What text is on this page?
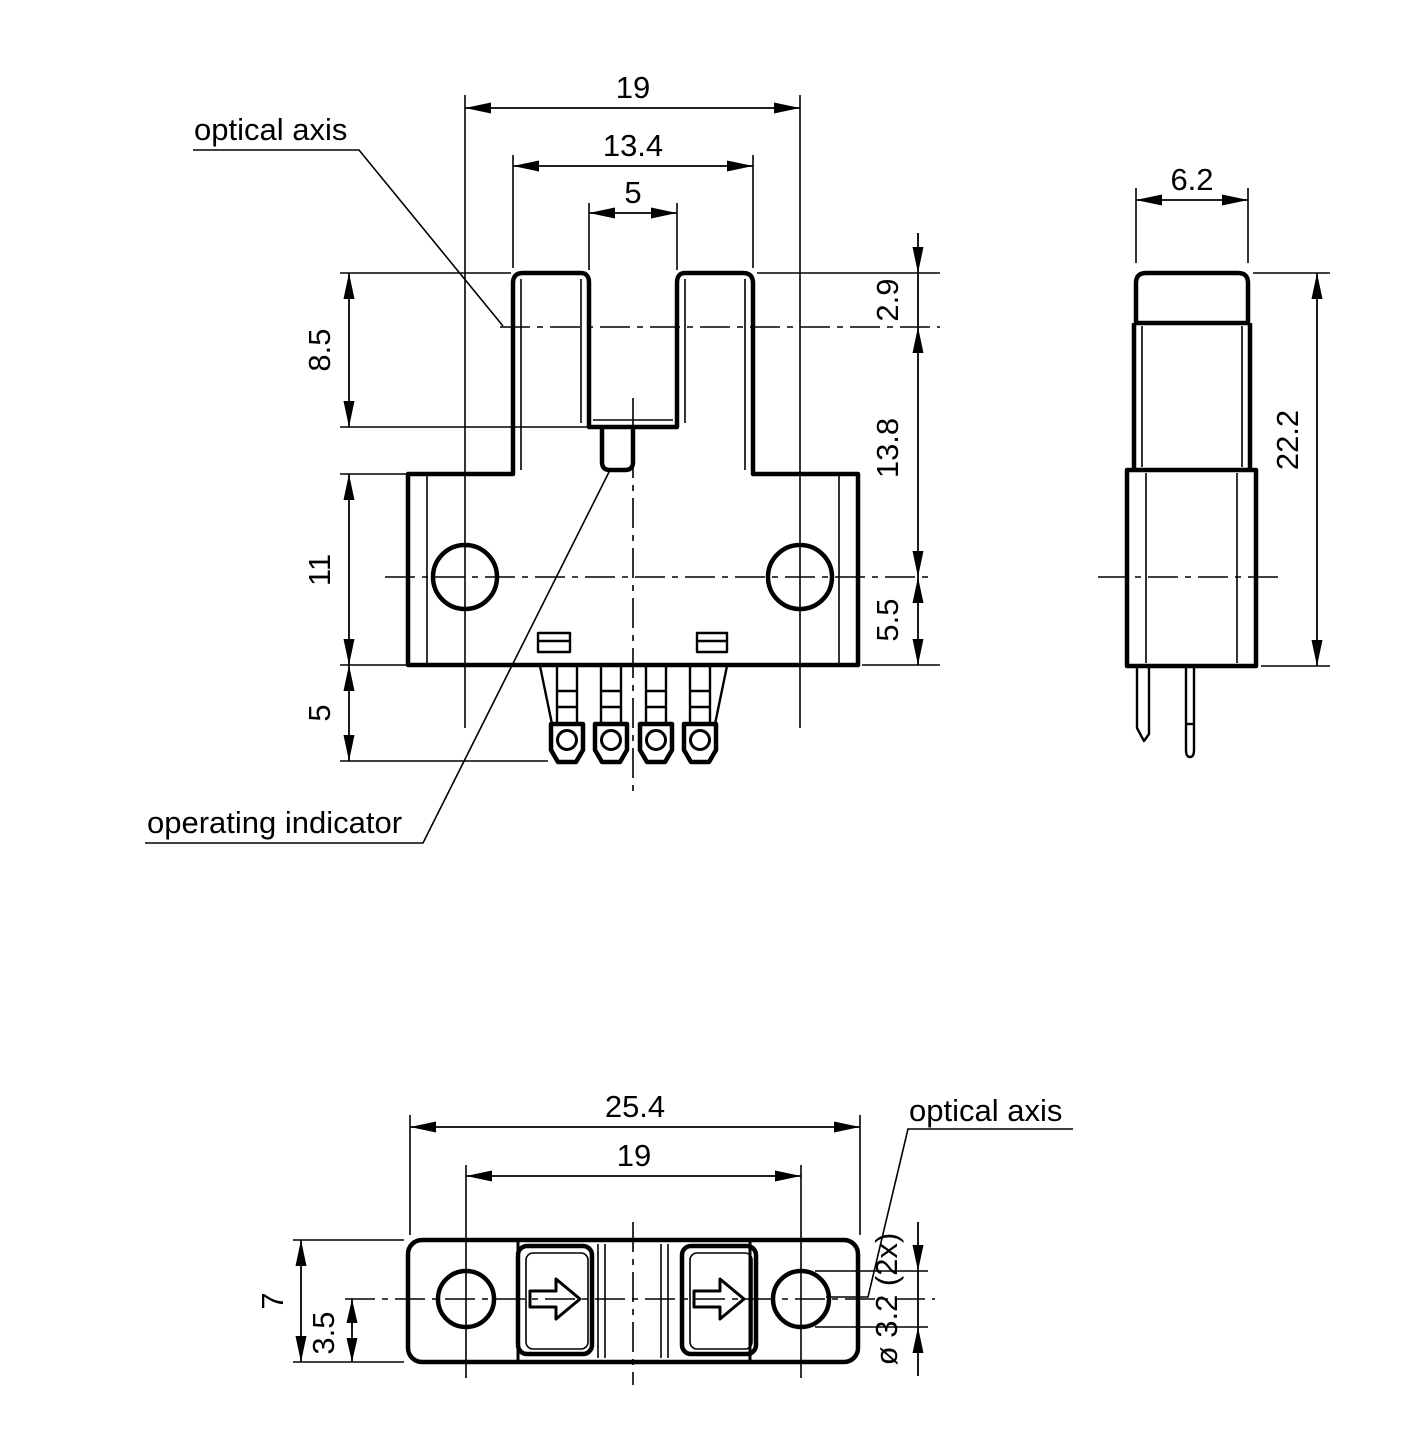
19
13.4
5
8.5
11
5
2.9
13.8
5.5
optical axis
operating indicator
6.2
22.2
25.4
19
7
3.5	ø 3.2 (2x)
optical axis
